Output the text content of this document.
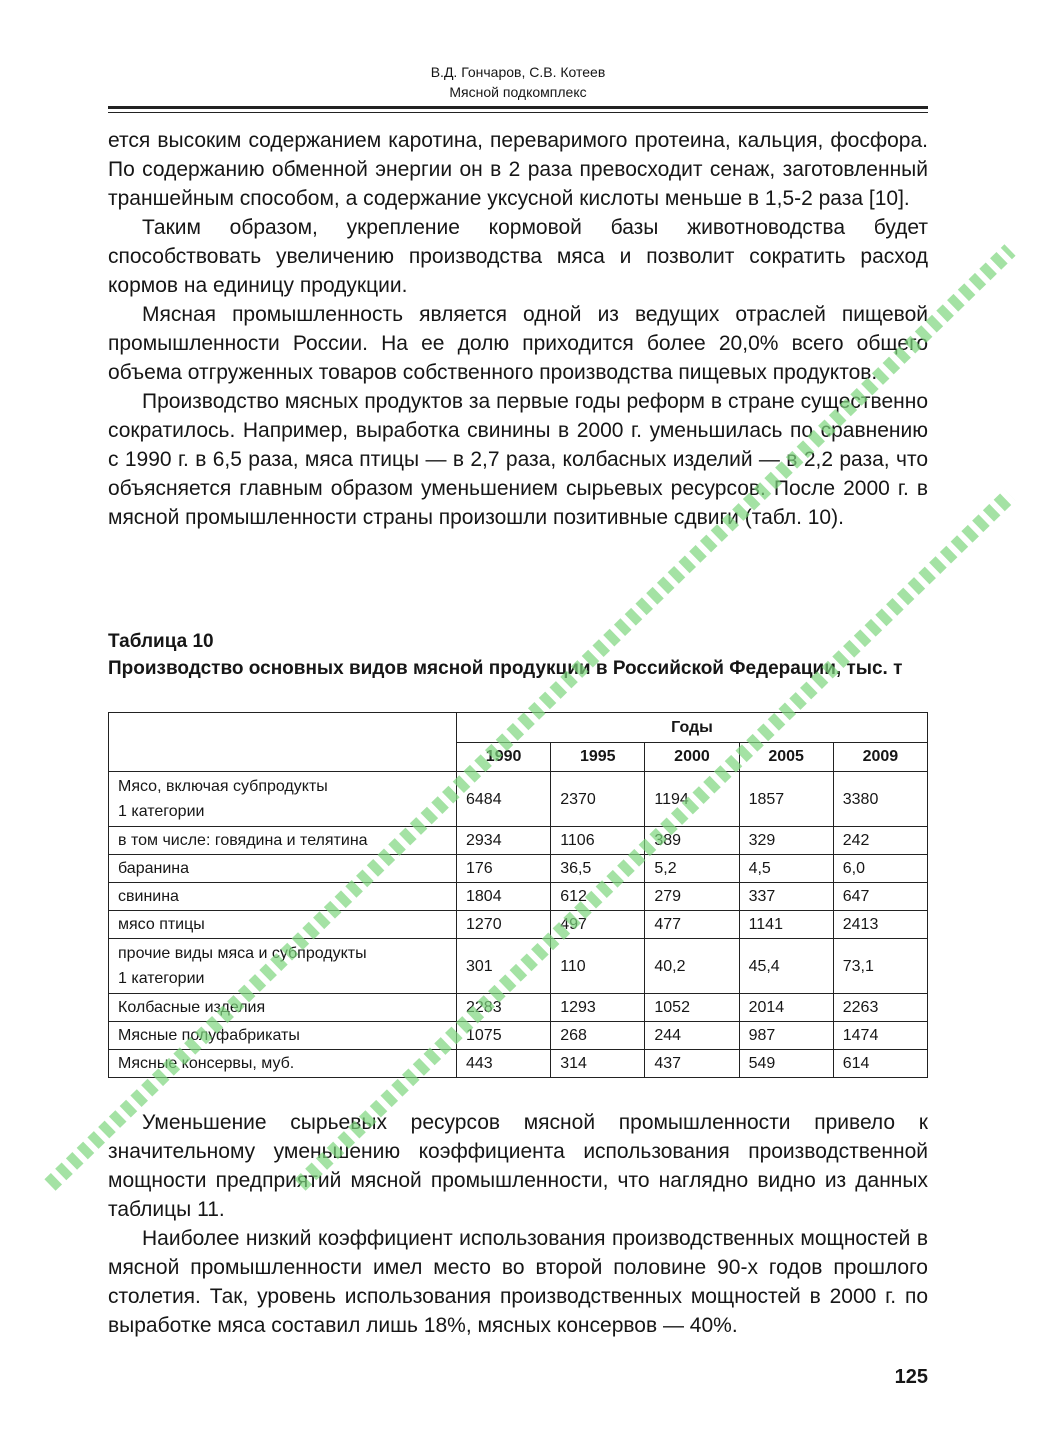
В.Д. Гончаров, С.В. Котеев
Мясной подкомплекс

ется высоким содержанием каротина, переваримого протеина, кальция, фосфора. По содержанию обменной энергии он в 2 раза превосходит сенаж, заготовленный траншейным способом, а содержание уксусной кислоты меньше в 1,5-2 раза [10].

Таким образом, укрепление кормовой базы животноводства будет способствовать увеличению производства мяса и позволит сократить расход кормов на единицу продукции.

Мясная промышленность является одной из ведущих отраслей пищевой промышленности России. На ее долю приходится более 20,0% всего общего объема отгруженных товаров собственного производства пищевых продуктов.

Производство мясных продуктов за первые годы реформ в стране существенно сократилось. Например, выработка свинины в 2000 г. уменьшилась по сравнению с 1990 г. в 6,5 раза, мяса птицы — в 2,7 раза, колбасных изделий — в 2,2 раза, что объясняется главным образом уменьшением сырьевых ресурсов. После 2000 г. в мясной промышленности страны произошли позитивные сдвиги (табл. 10).

Таблица 10
Производство основных видов мясной продукции в Российской Федерации, тыс. т
	Годы				
	1990	1995	2000	2005	2009
Мясо, включая субпродукты
1 категории	6484	2370	1194	1857	3380
в том числе: говядина и телятина	2934	1106	389	329	242
баранина	176	36,5	5,2	4,5	6,0
свинина	1804	612	279	337	647
мясо птицы	1270	497	477	1141	2413
прочие виды мяса и субпродукты
1 категории	301	110	40,2	45,4	73,1
Колбасные изделия	2283	1293	1052	2014	2263
Мясные полуфабрикаты	1075	268	244	987	1474
Мясные консервы, муб.	443	314	437	549	614

Уменьшение сырьевых ресурсов мясной промышленности привело к значительному уменьшению коэффициента использования производственной мощности предприятий мясной промышленности, что наглядно видно из данных таблицы 11.

Наиболее низкий коэффициент использования производственных мощностей в мясной промышленности имел место во второй половине 90-х годов прошлого столетия. Так, уровень использования производственных мощностей в 2000 г. по выработке мяса составил лишь 18%, мясных консервов — 40%.

125
